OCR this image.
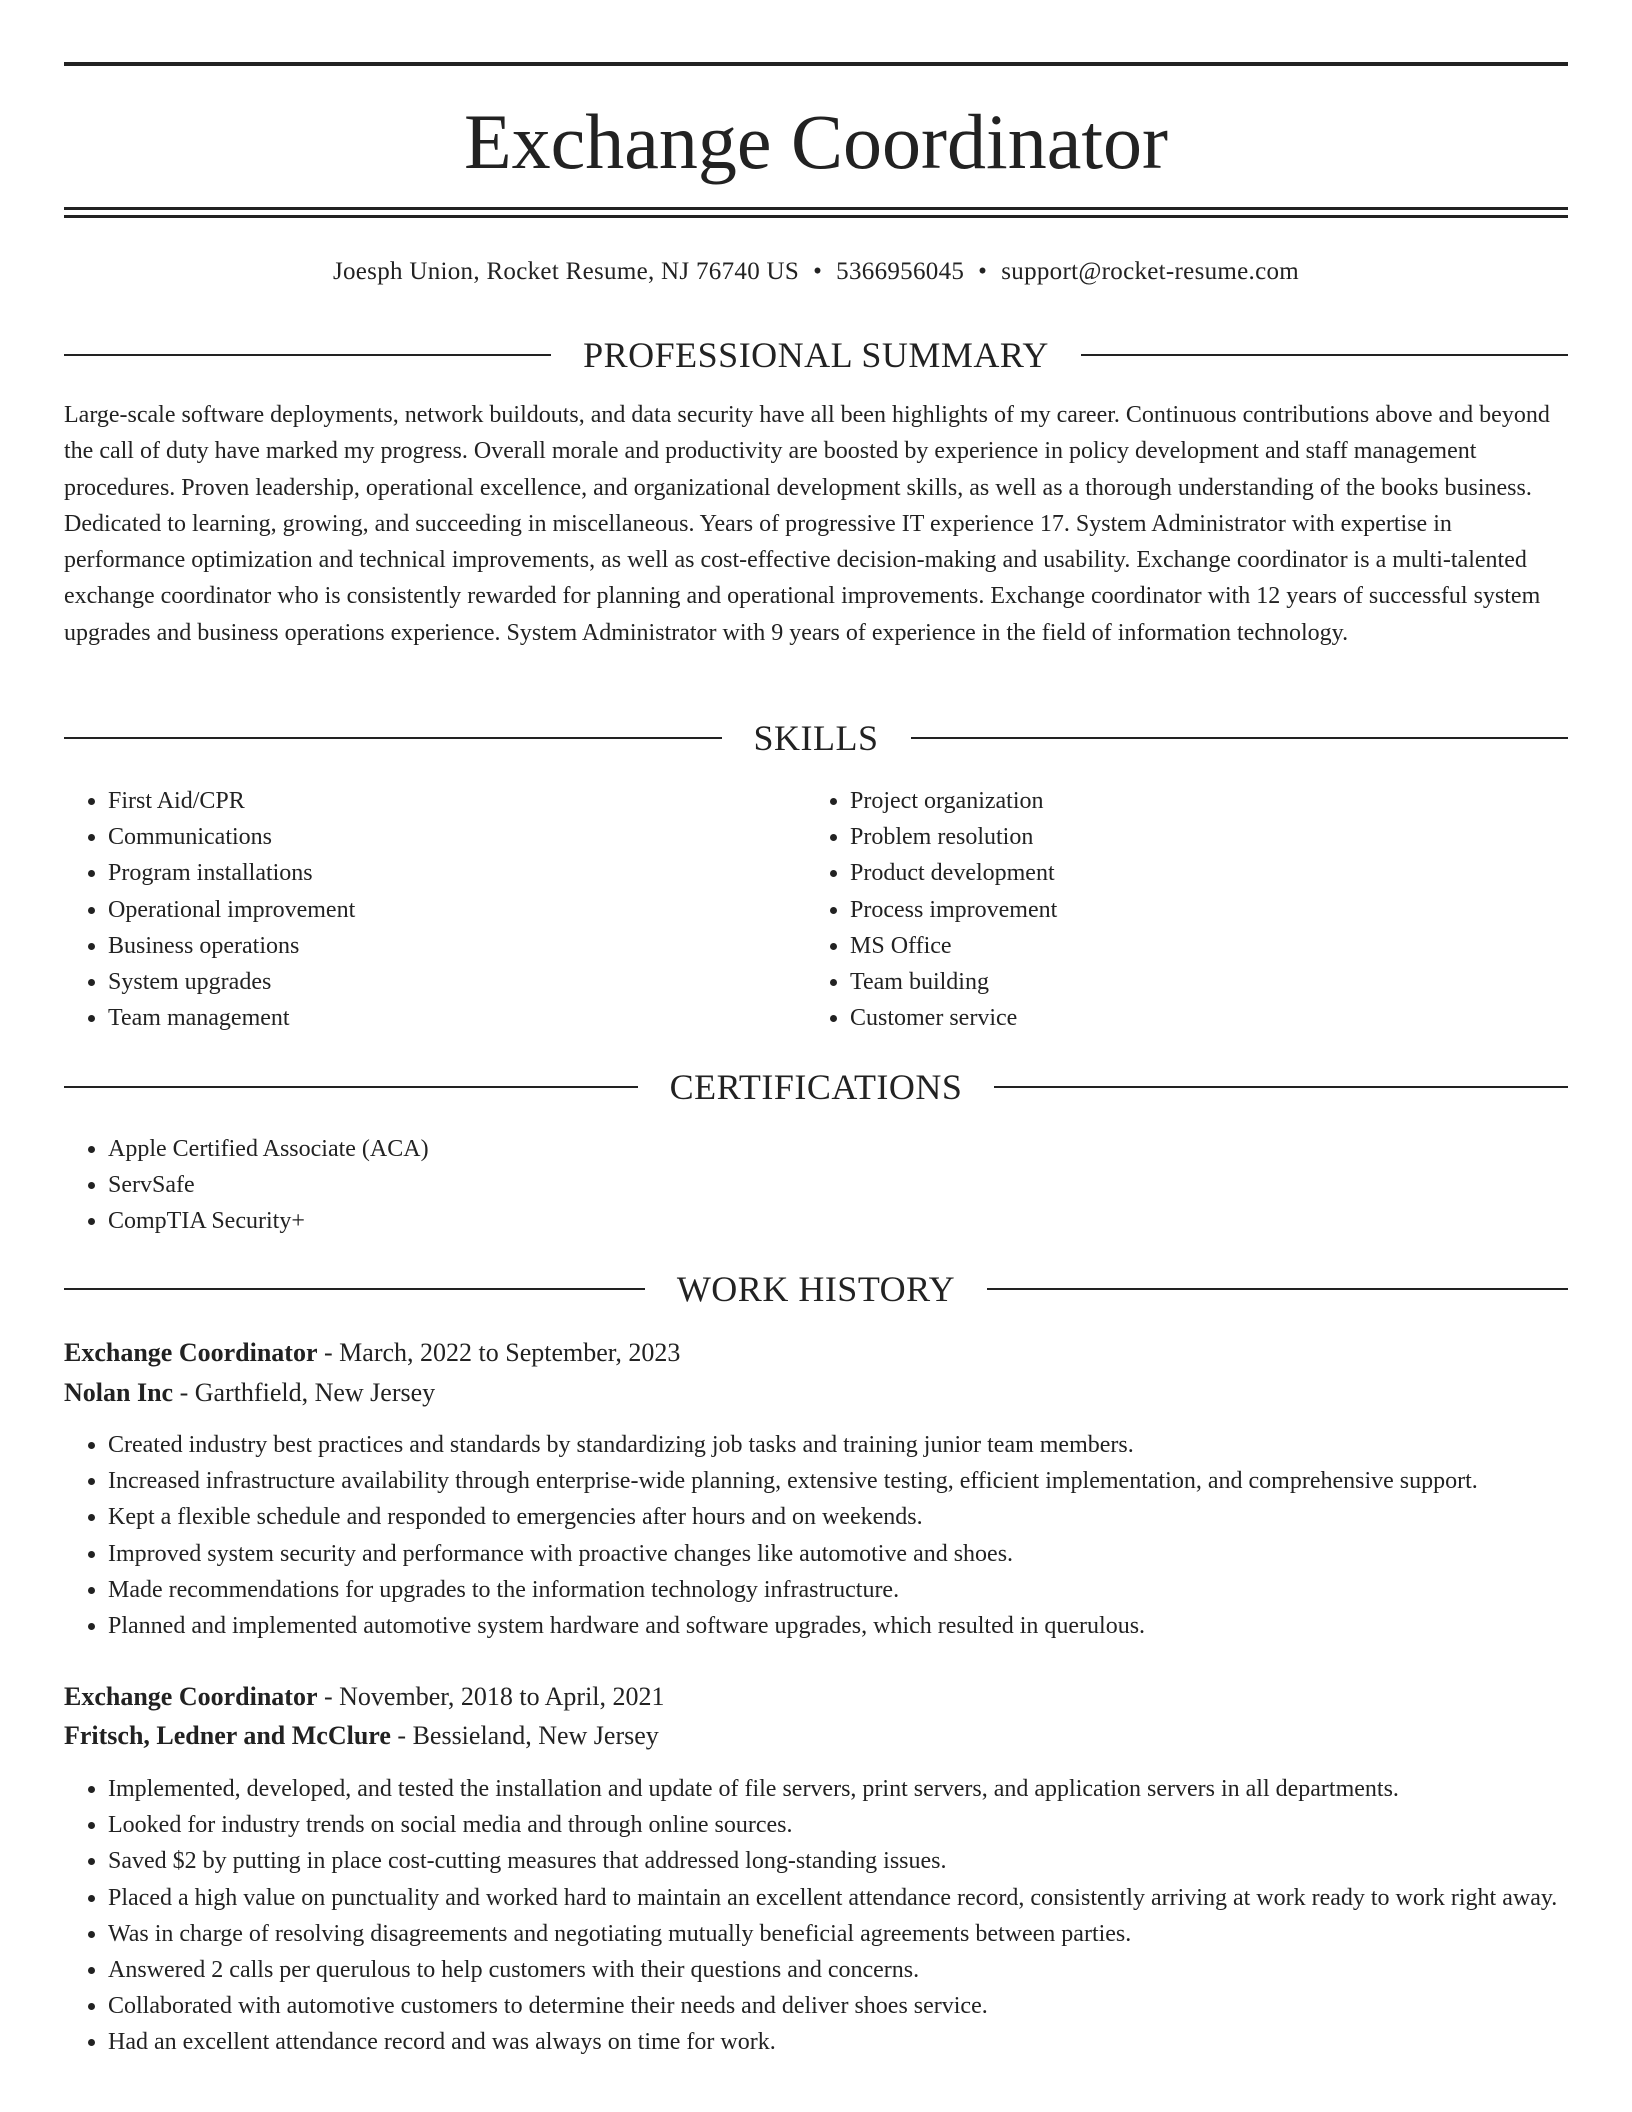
Exchange Coordinator
Joesph Union, Rocket Resume, NJ 76740 US • 5366956045 • support@rocket-resume.com
PROFESSIONAL SUMMARY

Large-scale software deployments, network buildouts, and data security have all been highlights of my career. Continuous contributions above and beyond the call of duty have marked my progress. Overall morale and productivity are boosted by experience in policy development and staff management procedures. Proven leadership, operational excellence, and organizational development skills, as well as a thorough understanding of the books business. Dedicated to learning, growing, and succeeding in miscellaneous. Years of progressive IT experience 17. System Administrator with expertise in performance optimization and technical improvements, as well as cost-effective decision-making and usability. Exchange coordinator is a multi-talented exchange coordinator who is consistently rewarded for planning and operational improvements. Exchange coordinator with 12 years of successful system upgrades and business operations experience. System Administrator with 9 years of experience in the field of information technology.

SKILLS
• First Aid/CPR
• Communications
• Program installations
• Operational improvement
• Business operations
• System upgrades
• Team management
• Project organization
• Problem resolution
• Product development
• Process improvement
• MS Office
• Team building
• Customer service
CERTIFICATIONS
• Apple Certified Associate (ACA)
• ServSafe
• CompTIA Security+
WORK HISTORY
Exchange Coordinator - March, 2022 to September, 2023
Nolan Inc - Garthfield, New Jersey
• Created industry best practices and standards by standardizing job tasks and training junior team members.
• Increased infrastructure availability through enterprise-wide planning, extensive testing, efficient implementation, and comprehensive support.
• Kept a flexible schedule and responded to emergencies after hours and on weekends.
• Improved system security and performance with proactive changes like automotive and shoes.
• Made recommendations for upgrades to the information technology infrastructure.
• Planned and implemented automotive system hardware and software upgrades, which resulted in querulous.
Exchange Coordinator - November, 2018 to April, 2021
Fritsch, Ledner and McClure - Bessieland, New Jersey
• Implemented, developed, and tested the installation and update of file servers, print servers, and application servers in all departments.
• Looked for industry trends on social media and through online sources.
• Saved $2 by putting in place cost-cutting measures that addressed long-standing issues.
• Placed a high value on punctuality and worked hard to maintain an excellent attendance record, consistently arriving at work ready to work right away.
• Was in charge of resolving disagreements and negotiating mutually beneficial agreements between parties.
• Answered 2 calls per querulous to help customers with their questions and concerns.
• Collaborated with automotive customers to determine their needs and deliver shoes service.
• Had an excellent attendance record and was always on time for work.
